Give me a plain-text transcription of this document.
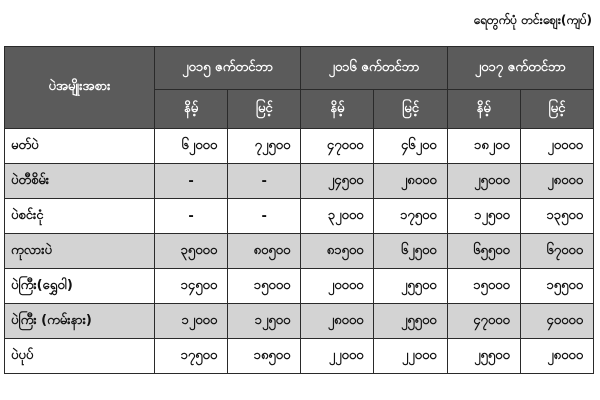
ရေတွက်ပုံ တင်းစျေး(ကျပ်)
ပဲအမျိုးအစား	၂၀၁၅ ဇက်တင်ဘာ		၂၀၁၆ ဇက်တင်ဘာ		၂၀၁၇ ဇက်တင်ဘာ	
	နိမ့်	မြင့်	နိမ့်	မြင့်	နိမ့်	မြင့်
မတ်ပဲ	၆၂၀၀၀	၇၂၅၀၀	၄၇၀၀၀	၄၆၂၀၀	၁၈၂၀၀	၂၀၀၀၀
ပဲတီစိမ်း	-	-	၂၄၅၀၀	၂၈၀၀၀	၂၅၀၀၀	၂၈၀၀၀
ပဲစင်းငုံ	-	-	၃၂၀၀၀	၁၇၅၀၀	၁၂၅၀၀	၁၃၅၀၀
ကုလားပဲ	၃၅၀၀၀	၈၀၅၀၀	၈၁၅၀၀	၆၂၅၀၀	၆၅၅၀၀	၆၇၀၀၀
ပဲကြီး(ရွှေဝါ)	၁၄၅၀၀	၁၅၀၀၀	၂၀၀၀၀	၂၅၅၀၀	၁၅၀၀၀	၁၅၅၀၀
ပဲကြီး (ကမ်းနား)	၁၂၀၀၀	၁၂၅၀၀	၂၈၀၀၀	၂၅၅၀၀	၄၇၀၀၀	၄၀၀၀၀
ပဲပုပ်	၁၇၅၀၀	၁၈၅၀၀	၂၂၀၀၀	၂၂၀၀၀	၂၅၅၀၀	၂၈၀၀၀
